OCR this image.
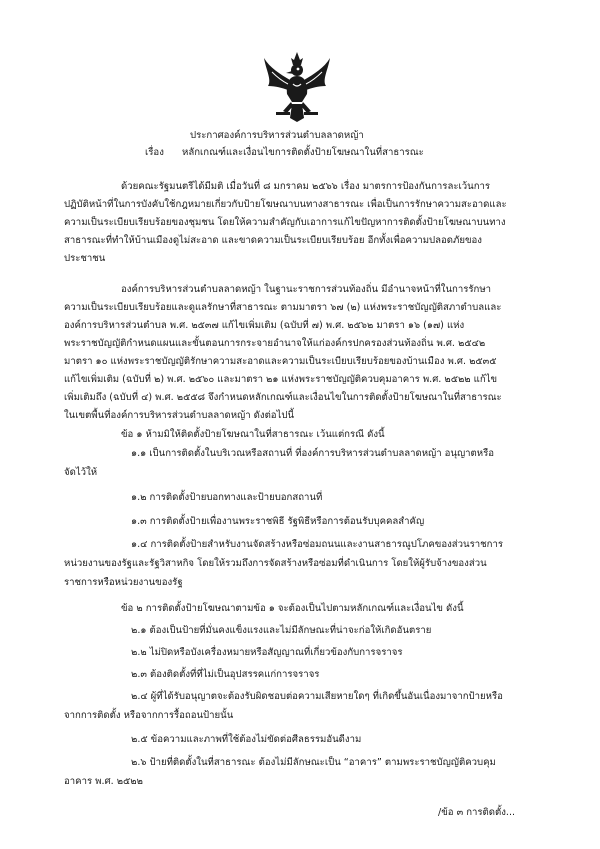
ประกาศองค์การบริหารส่วนตำบลลาดหญ้า
เรื่อง หลักเกณฑ์และเงื่อนไขการติดตั้งป้ายโฆษณาในที่สาธารณะ
ด้วยคณะรัฐมนตรีได้มีมติ เมื่อวันที่ ๘ มกราคม ๒๕๖๖ เรื่อง มาตรการป้องกันการละเว้นการ
ปฏิบัติหน้าที่ในการบังคับใช้กฎหมายเกี่ยวกับป้ายโฆษณาบนทางสาธารณะ เพื่อเป็นการรักษาความสะอาดและ
ความเป็นระเบียบเรียบร้อยของชุมชน โดยให้ความสำคัญกับเอาการแก้ไขปัญหาการติดตั้งป้ายโฆษณาบนทาง
สาธารณะที่ทำให้บ้านเมืองดูไม่สะอาด และขาดความเป็นระเบียบเรียบร้อย อีกทั้งเพื่อความปลอดภัยของ
ประชาชน
องค์การบริหารส่วนตำบลลาดหญ้า ในฐานะราชการส่วนท้องถิ่น มีอำนาจหน้าที่ในการรักษา
ความเป็นระเบียบเรียบร้อยและดูแลรักษาที่สาธารณะ ตามมาตรา ๖๗ (๒) แห่งพระราชบัญญัติสภาตำบลและ
องค์การบริหารส่วนตำบล พ.ศ. ๒๕๓๗ แก้ไขเพิ่มเติม (ฉบับที่ ๗) พ.ศ. ๒๕๖๒ มาตรา ๑๖ (๑๗) แห่ง
พระราชบัญญัติกำหนดแผนและขั้นตอนการกระจายอำนาจให้แก่องค์กรปกครองส่วนท้องถิ่น พ.ศ. ๒๕๔๒
มาตรา ๑๐ แห่งพระราชบัญญัติรักษาความสะอาดและความเป็นระเบียบเรียบร้อยของบ้านเมือง พ.ศ. ๒๕๓๕
แก้ไขเพิ่มเติม (ฉบับที่ ๒) พ.ศ. ๒๕๖๐ และมาตรา ๒๑ แห่งพระราชบัญญัติควบคุมอาคาร พ.ศ. ๒๕๒๒ แก้ไข
เพิ่มเติมถึง (ฉบับที่ ๔) พ.ศ. ๒๕๕๘ จึงกำหนดหลักเกณฑ์และเงื่อนไขในการติดตั้งป้ายโฆษณาในที่สาธารณะ
ในเขตพื้นที่องค์การบริหารส่วนตำบลลาดหญ้า ดังต่อไปนี้
ข้อ ๑ ห้ามมิให้ติดตั้งป้ายโฆษณาในที่สาธารณะ เว้นแต่กรณี ดังนี้
๑.๑ เป็นการติดตั้งในบริเวณหรือสถานที่ ที่องค์การบริหารส่วนตำบลลาดหญ้า อนุญาตหรือ
จัดไว้ให้
๑.๒ การติดตั้งป้ายบอกทางและป้ายบอกสถานที่
๑.๓ การติดตั้งป้ายเพื่องานพระราชพิธี รัฐพิธีหรือการต้อนรับบุคคลสำคัญ
๑.๔ การติดตั้งป้ายสำหรับงานจัดสร้างหรือซ่อมถนนและงานสาธารณูปโภคของส่วนราชการ
หน่วยงานของรัฐและรัฐวิสาหกิจ โดยให้รวมถึงการจัดสร้างหรือซ่อมที่ดำเนินการ โดยให้ผู้รับจ้างของส่วน
ราชการหรือหน่วยงานของรัฐ
ข้อ ๒ การติดตั้งป้ายโฆษณาตามข้อ ๑ จะต้องเป็นไปตามหลักเกณฑ์และเงื่อนไข ดังนี้
๒.๑ ต้องเป็นป้ายที่มั่นคงแข็งแรงและไม่มีลักษณะที่น่าจะก่อให้เกิดอันตราย
๒.๒ ไม่ปิดหรือบังเครื่องหมายหรือสัญญาณที่เกี่ยวข้องกับการจราจร
๒.๓ ต้องติดตั้งที่ที่ไม่เป็นอุปสรรคแก่การจราจร
๒.๔ ผู้ที่ได้รับอนุญาตจะต้องรับผิดชอบต่อความเสียหายใดๆ ที่เกิดขึ้นอันเนื่องมาจากป้ายหรือ
จากการติดตั้ง หรือจากการรื้อถอนป้ายนั้น
๒.๕ ข้อความและภาพที่ใช้ต้องไม่ขัดต่อศีลธรรมอันดีงาม
๒.๖ ป้ายที่ติดตั้งในที่สาธารณะ ต้องไม่มีลักษณะเป็น “อาคาร” ตามพระราชบัญญัติควบคุม
อาคาร พ.ศ. ๒๕๒๒
/ข้อ ๓ การติดตั้ง...
